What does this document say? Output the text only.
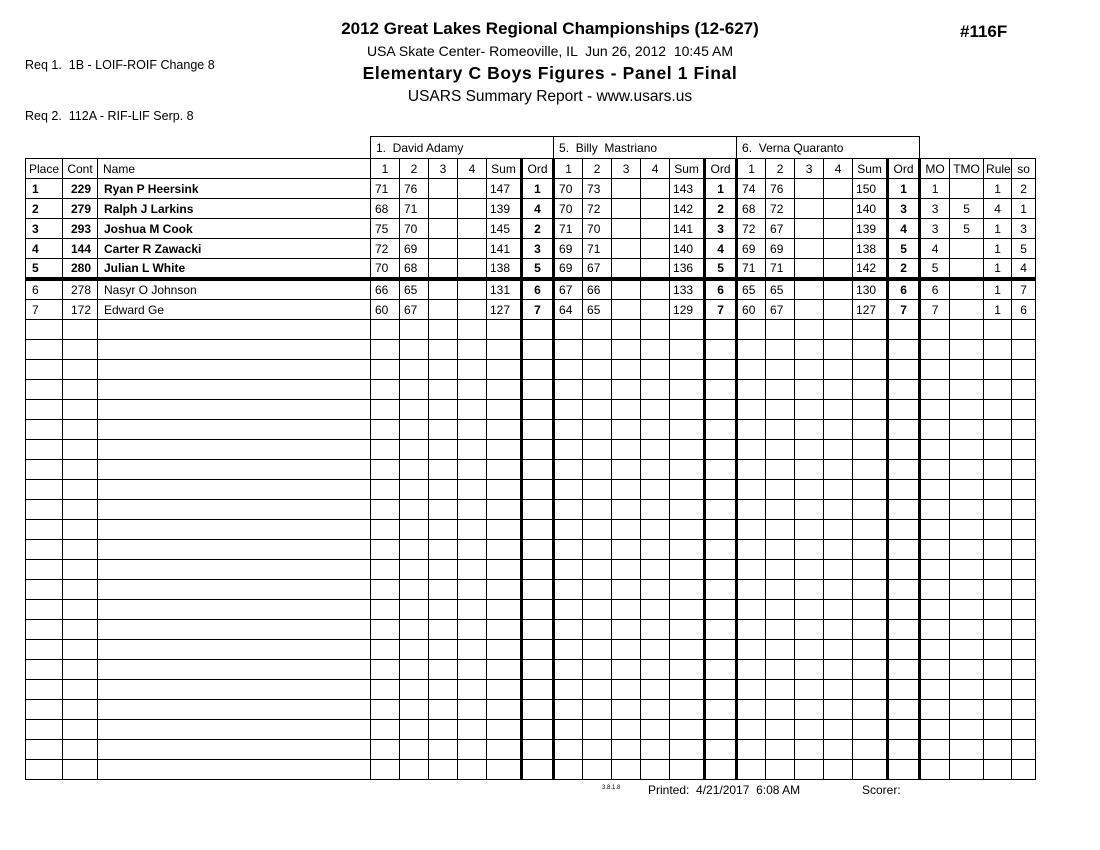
Req 1.  1B - LOIF-ROIF Change 8

Req 2.  112A - RIF-LIF Serp. 8

2012 Great Lakes Regional Championships (12-627)
USA Skate Center- Romeoville, IL  Jun 26, 2012  10:45 AM
Elementary C Boys Figures - Panel 1 Final
USARS Summary Report - www.usars.us
#116F
			1.  David Adamy						5.  Billy  Mastriano						6.  Verna Quaranto									
Place	Cont	Name	1	2	3	4	Sum	Ord	1	2	3	4	Sum	Ord	1	2	3	4	Sum	Ord	MO	TMO	Rule	so
1	229	Ryan P Heersink	71	76			147	1	70	73			143	1	74	76			150	1	1		1	2
2	279	Ralph J Larkins	68	71			139	4	70	72			142	2	68	72			140	3	3	5	4	1
3	293	Joshua M Cook	75	70			145	2	71	70			141	3	72	67			139	4	3	5	1	3
4	144	Carter R Zawacki	72	69			141	3	69	71			140	4	69	69			138	5	4		1	5
5	280	Julian L White	70	68			138	5	69	67			136	5	71	71			142	2	5		1	4
6	278	Nasyr O Johnson	66	65			131	6	67	66			133	6	65	65			130	6	6		1	7
7	172	Edward Ge	60	67			127	7	64	65			129	7	60	67			127	7	7		1	6

3.8.1.8 Printed:  4/21/2017  6:08 AM	Scorer:
